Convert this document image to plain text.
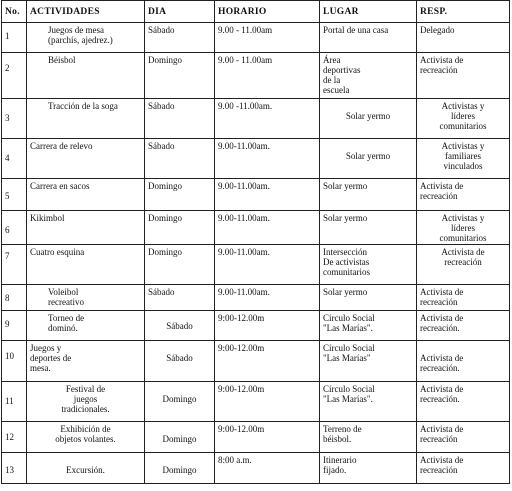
No.	ACTIVIDADES	DIA	HORARIO	LUGAR	RESP.

1	Juegos de mesa
(parchís, ajedrez.)	Sábado	9.00 - 11.00am	Portal de una casa	Delegado

2	Béisbol	Domingo	9.00 - 11.00am	Área
deportivas
de la
escuela	Activista de
recreación

3	Tracción de la soga	Sábado	9.00 -11.00am.	
Solar yermo	Activistas y
líderes
comunitarios

4	Carrera de relevo	Sábado	9.00-11.00am.	
Solar yermo	Activistas y
familiares
vinculados

5	Carrera en sacos	Domingo	9.00-11.00am.	Solar yermo	Activista de
recreación

6	Kikimbol	Domingo	9.00-11.00am.	Solar yermo	Activistas y
líderes
comunitarios

7	Cuatro esquina	Domingo	9.00-11.00am.	Intersección
De activistas
comunitarios	Activista de
recreación

8	Voleibol
recreativo	Sábado	9.00-11.00am.	Solar yermo	Activista de
recreación

9	Torneo de
dominó.	Sábado	9:00-12.00m	Círculo Social
"Las Marías".	Activista de
recreación.

10	Juegos y
deportes de
mesa.	Sábado	9:00-12.00m	Círculo Social
"Las Marías"	Activista de
recreación.

11	Festival de
juegos
tradicionales.	Domingo	9:00-12.00m	Círculo Social
"Las Marías".	Activista de
recreación.

12	Exhibición de
objetos volantes.	Domingo	9:00-12.00m	Terreno de
béisbol.	Activista de
recreación

13	Excursión.	Domingo	8:00 a.m.	Itinerario
fijado.	Activista de
recreación
